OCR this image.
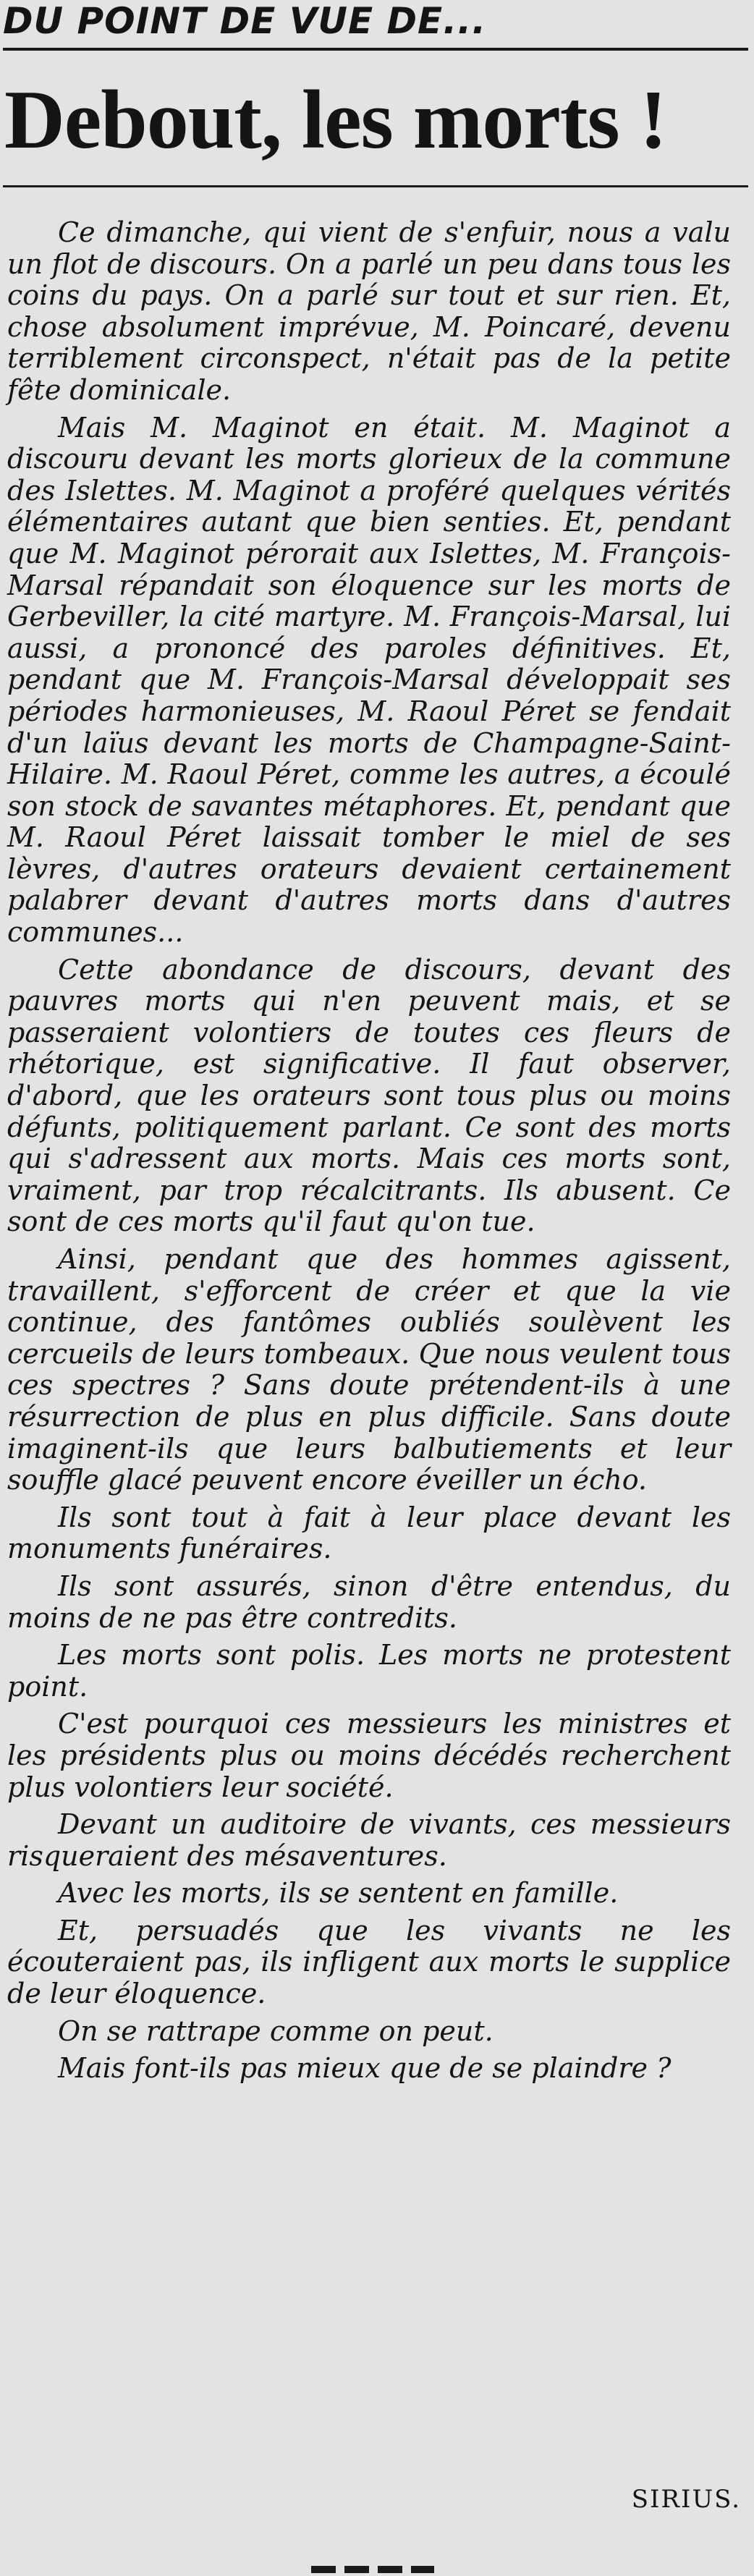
DU POINT DE VUE DE...
Debout, les morts !

Ce dimanche, qui vient de s'enfuir, nous a valu un flot de discours. On a parlé un peu dans tous les coins du pays. On a parlé sur tout et sur rien. Et, chose absolument imprévue, M. Poincaré, devenu terriblement circonspect, n'était pas de la petite fête dominicale.

Mais M. Maginot en était. M. Maginot a discouru devant les morts glorieux de la commune des Islettes. M. Maginot a proféré quelques vérités élémentaires autant que bien senties. Et, pendant que M. Maginot pérorait aux Islettes, M. François-Marsal répandait son éloquence sur les morts de Gerbeviller, la cité martyre. M. François-Marsal, lui aussi, a prononcé des paroles définitives. Et, pendant que M. François-Marsal développait ses périodes harmonieuses, M. Raoul Péret se fendait d'un laïus devant les morts de Champagne-Saint-Hilaire. M. Raoul Péret, comme les autres, a écoulé son stock de savantes métaphores. Et, pendant que M. Raoul Péret laissait tomber le miel de ses lèvres, d'autres orateurs devaient certainement palabrer devant d'autres morts dans d'autres communes...

Cette abondance de discours, devant des pauvres morts qui n'en peuvent mais, et se passeraient volontiers de toutes ces fleurs de rhétorique, est significative. Il faut observer, d'abord, que les orateurs sont tous plus ou moins défunts, politiquement parlant. Ce sont des morts qui s'adressent aux morts. Mais ces morts sont, vraiment, par trop récalcitrants. Ils abusent. Ce sont de ces morts qu'il faut qu'on tue.

Ainsi, pendant que des hommes agissent, travaillent, s'efforcent de créer et que la vie continue, des fantômes oubliés soulèvent les cercueils de leurs tombeaux. Que nous veulent tous ces spectres ? Sans doute prétendent-ils à une résurrection de plus en plus difficile. Sans doute imaginent-ils que leurs balbutiements et leur souffle glacé peuvent encore éveiller un écho.

Ils sont tout à fait à leur place devant les monuments funéraires.

Ils sont assurés, sinon d'être entendus, du moins de ne pas être contredits.

Les morts sont polis. Les morts ne protestent point.

C'est pourquoi ces messieurs les ministres et les présidents plus ou moins décédés recherchent plus volontiers leur société.

Devant un auditoire de vivants, ces messieurs risqueraient des mésaventures.

Avec les morts, ils se sentent en famille.

Et, persuadés que les vivants ne les écouteraient pas, ils infligent aux morts le supplice de leur éloquence.

On se rattrape comme on peut.

Mais font-ils pas mieux que de se plaindre ?

SIRIUS.
